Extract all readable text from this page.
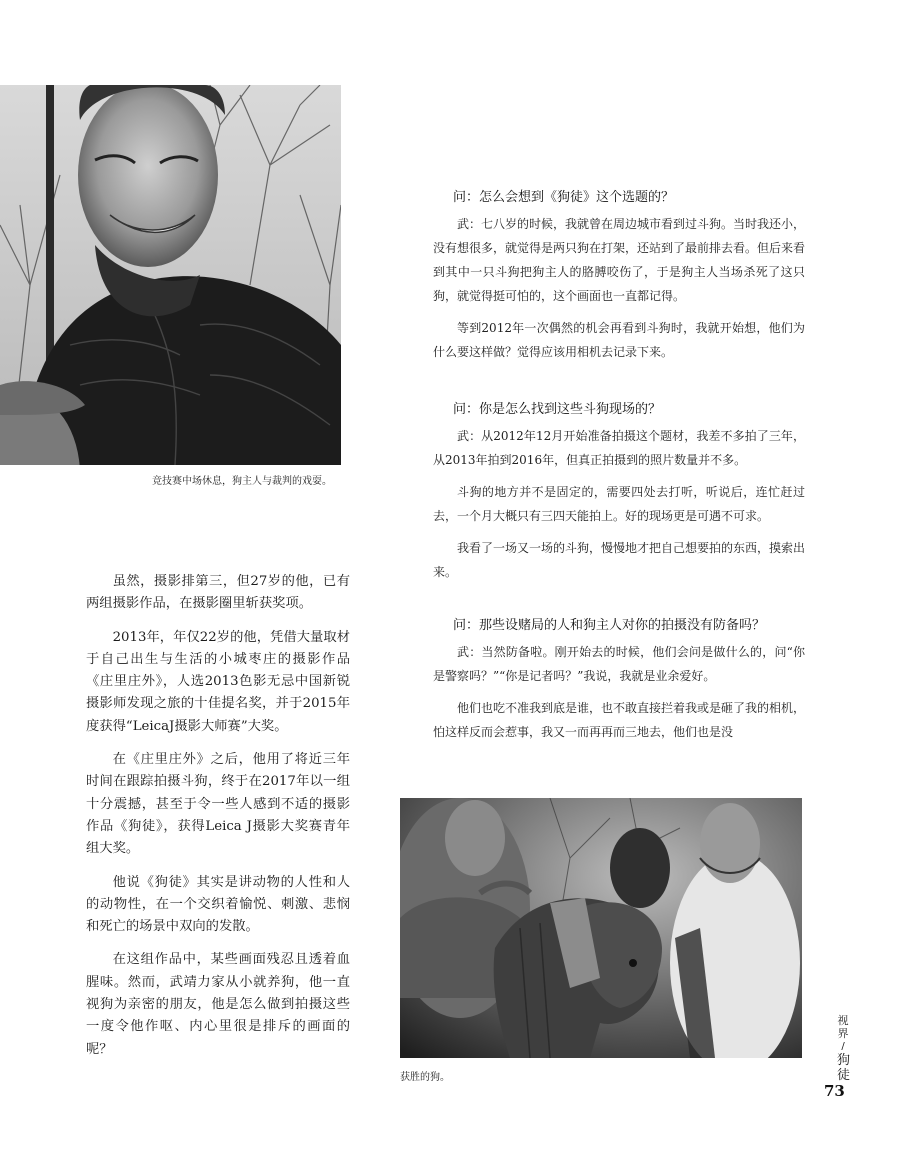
竞技赛中场休息，狗主人与裁判的戏耍。

虽然，摄影排第三，但27岁的他，已有两组摄影作品，在摄影圈里斩获奖项。

2013年，年仅22岁的他，凭借大量取材于自己出生与生活的小城枣庄的摄影作品《庄里庄外》，人选2013色影无忌中国新锐摄影师发现之旅的十佳提名奖，并于2015年度获得“LeicaJ摄影大师赛”大奖。

在《庄里庄外》之后，他用了将近三年时间在跟踪拍摄斗狗，终于在2017年以一组十分震撼，甚至于令一些人感到不适的摄影作品《狗徒》，获得Leica J摄影大奖赛青年组大奖。

他说《狗徒》其实是讲动物的人性和人的动物性，在一个交织着愉悦、刺激、悲悯和死亡的场景中双向的发散。

在这组作品中，某些画面残忍且透着血腥味。然而，武靖力家从小就养狗，他一直视狗为亲密的朋友，他是怎么做到拍摄这些一度令他作呕、内心里很是排斥的画面的呢？

问：怎么会想到《狗徒》这个选题的？

武：七八岁的时候，我就曾在周边城市看到过斗狗。当时我还小，没有想很多，就觉得是两只狗在打架，还站到了最前排去看。但后来看到其中一只斗狗把狗主人的胳膊咬伤了，于是狗主人当场杀死了这只狗，就觉得挺可怕的，这个画面也一直都记得。

等到2012年一次偶然的机会再看到斗狗时，我就开始想，他们为什么要这样做？觉得应该用相机去记录下来。

问：你是怎么找到这些斗狗现场的？

武：从2012年12月开始准备拍摄这个题材，我差不多拍了三年，从2013年拍到2016年，但真正拍摄到的照片数量并不多。

斗狗的地方并不是固定的，需要四处去打听，听说后，连忙赶过去，一个月大概只有三四天能拍上。好的现场更是可遇不可求。

我看了一场又一场的斗狗，慢慢地才把自己想要拍的东西，摸索出来。

问：那些设赌局的人和狗主人对你的拍摄没有防备吗？

武：当然防备啦。刚开始去的时候，他们会问是做什么的，问“你是警察吗？”“你是记者吗？”我说，我就是业余爱好。

他们也吃不准我到底是谁，也不敢直接拦着我或是砸了我的相机，怕这样反而会惹事，我又一而再再而三地去，他们也是没

获胜的狗。
视
界
/
狗
徒
73
